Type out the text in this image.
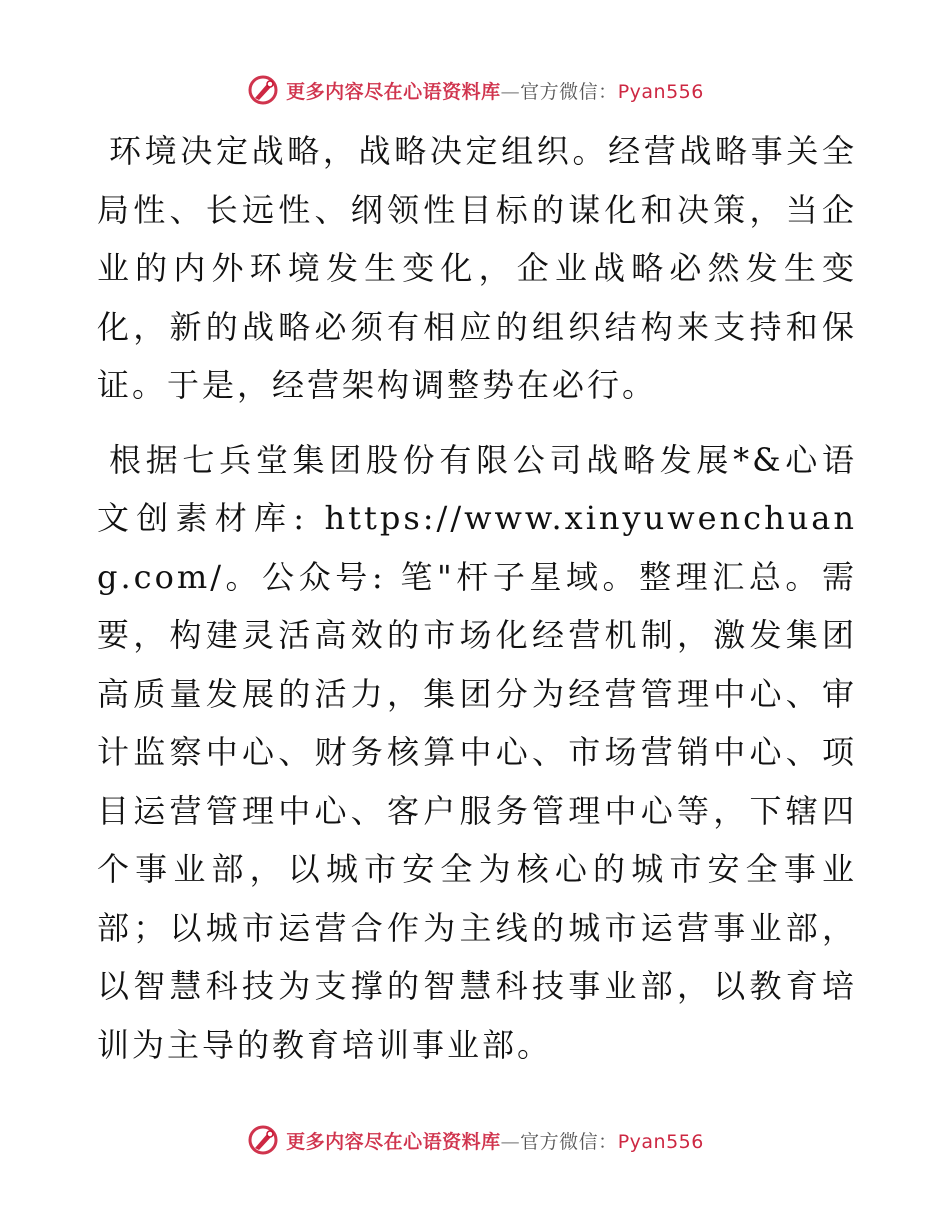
更多内容尽在心语资料库—官方微信：Pyan556

环境决定战略，战略决定组织。经营战略事关全局性、长远性、纲领性目标的谋化和决策，当企业的内外环境发生变化，企业战略必然发生变化，新的战略必须有相应的组织结构来支持和保证。于是，经营架构调整势在必行。

根据七兵堂集团股份有限公司战略发展*&心语文创素材库: https://www.xinyuwenchuang.com/。公众号: 笔"杆子星域。整理汇总。需要，构建灵活高效的市场化经营机制，激发集团高质量发展的活力，集团分为经营管理中心、审计监察中心、财务核算中心、市场营销中心、项目运营管理中心、客户服务管理中心等，下辖四个事业部，以城市安全为核心的城市安全事业部；以城市运营合作为主线的城市运营事业部，以智慧科技为支撑的智慧科技事业部，以教育培训为主导的教育培训事业部。

更多内容尽在心语资料库—官方微信：Pyan556
